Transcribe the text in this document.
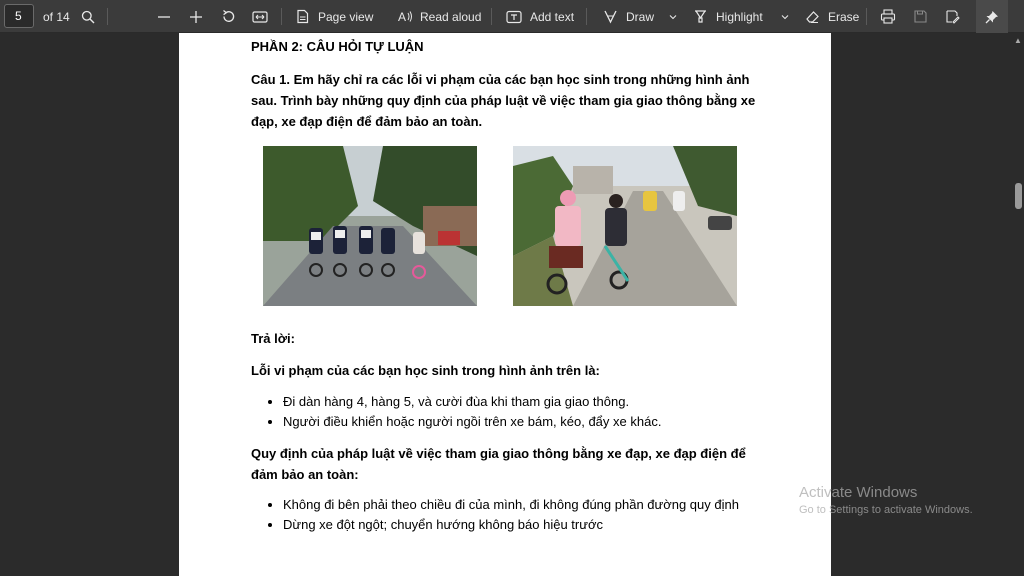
5	of 14	Page view A Read aloud	Add text	Draw	Highlight	Erase
PHẦN 2: CÂU HỎI TỰ LUẬN
Câu 1. Em hãy chỉ ra các lỗi vi phạm của các bạn học sinh trong những hình ảnh sau. Trình bày những quy định của pháp luật về việc tham gia giao thông bằng xe đạp, xe đạp điện để đảm bảo an toàn.
Trả lời:
Lỗi vi phạm của các bạn học sinh trong hình ảnh trên là:
• Đi dàn hàng 4, hàng 5, và cười đùa khi tham gia giao thông.
• Người điều khiển hoặc người ngồi trên xe bám, kéo, đẩy xe khác.
Quy định của pháp luật về việc tham gia giao thông bằng xe đạp, xe đạp điện để đảm bảo an toàn:
• Không đi bên phải theo chiều đi của mình, đi không đúng phần đường quy định
• Dừng xe đột ngột; chuyển hướng không báo hiệu trước
▲
Activate Windows
Go to Settings to activate Windows.
